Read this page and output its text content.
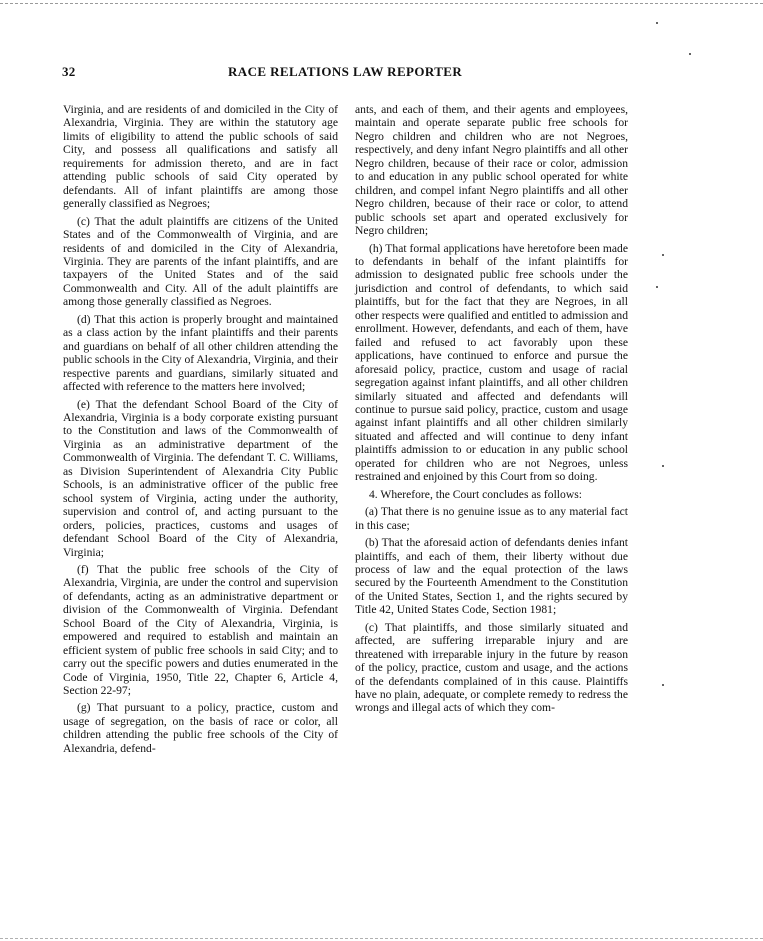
32	RACE RELATIONS LAW REPORTER

Virginia, and are residents of and domiciled in the City of Alexandria, Virginia. They are within the statutory age limits of eligibility to attend the public schools of said City, and possess all qualifications and satisfy all requirements for admission thereto, and are in fact attending public schools of said City operated by defendants. All of infant plaintiffs are among those generally classified as Negroes;

(c) That the adult plaintiffs are citizens of the United States and of the Commonwealth of Virginia, and are residents of and domiciled in the City of Alexandria, Virginia. They are parents of the infant plaintiffs, and are taxpayers of the United States and of the said Commonwealth and City. All of the adult plaintiffs are among those generally classified as Negroes.

(d) That this action is properly brought and maintained as a class action by the infant plaintiffs and their parents and guardians on behalf of all other children attending the public schools in the City of Alexandria, Virginia, and their respective parents and guardians, similarly situated and affected with reference to the matters here involved;

(e) That the defendant School Board of the City of Alexandria, Virginia is a body corporate existing pursuant to the Constitution and laws of the Commonwealth of Virginia as an administrative department of the Commonwealth of Virginia. The defendant T. C. Williams, as Division Superintendent of Alexandria City Public Schools, is an administrative officer of the public free school system of Virginia, acting under the authority, supervision and control of, and acting pursuant to the orders, policies, practices, customs and usages of defendant School Board of the City of Alexandria, Virginia;

(f) That the public free schools of the City of Alexandria, Virginia, are under the control and supervision of defendants, acting as an administrative department or division of the Commonwealth of Virginia. Defendant School Board of the City of Alexandria, Virginia, is empowered and required to establish and maintain an efficient system of public free schools in said City; and to carry out the specific powers and duties enumerated in the Code of Virginia, 1950, Title 22, Chapter 6, Article 4, Section 22-97;

(g) That pursuant to a policy, practice, custom and usage of segregation, on the basis of race or color, all children attending the public free schools of the City of Alexandria, defend-

ants, and each of them, and their agents and employees, maintain and operate separate public free schools for Negro children and children who are not Negroes, respectively, and deny infant Negro plaintiffs and all other Negro children, because of their race or color, admission to and education in any public school operated for white children, and compel infant Negro plaintiffs and all other Negro children, because of their race or color, to attend public schools set apart and operated exclusively for Negro children;

(h) That formal applications have heretofore been made to defendants in behalf of the infant plaintiffs for admission to designated public free schools under the jurisdiction and control of defendants, to which said plaintiffs, but for the fact that they are Negroes, in all other respects were qualified and entitled to admission and enrollment. However, defendants, and each of them, have failed and refused to act favorably upon these applications, have continued to enforce and pursue the aforesaid policy, practice, custom and usage of racial segregation against infant plaintiffs, and all other children similarly situated and affected and defendants will continue to pursue said policy, practice, custom and usage against infant plaintiffs and all other children similarly situated and affected and will continue to deny infant plaintiffs admission to or education in any public school operated for children who are not Negroes, unless restrained and enjoined by this Court from so doing.

4. Wherefore, the Court concludes as follows:

(a) That there is no genuine issue as to any material fact in this case;

(b) That the aforesaid action of defendants denies infant plaintiffs, and each of them, their liberty without due process of law and the equal protection of the laws secured by the Fourteenth Amendment to the Constitution of the United States, Section 1, and the rights secured by Title 42, United States Code, Section 1981;

(c) That plaintiffs, and those similarly situated and affected, are suffering irreparable injury and are threatened with irreparable injury in the future by reason of the policy, practice, custom and usage, and the actions of the defendants complained of in this cause. Plaintiffs have no plain, adequate, or complete remedy to redress the wrongs and illegal acts of which they com-
